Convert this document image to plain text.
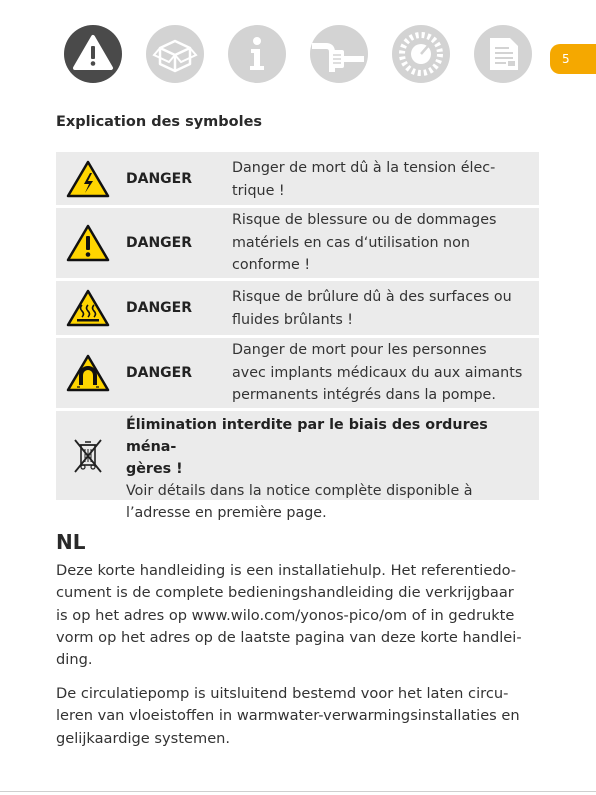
5
Explication des symboles
DANGER
Danger de mort dû à la tension élec-
trique !
DANGER
Risque de blessure ou de dommages
matériels en cas d‘utilisation non
conforme !
DANGER
Risque de brûlure dû à des surfaces ou
fluides brûlants !
DANGER
Danger de mort pour les personnes
avec implants médicaux du aux aimants
permanents intégrés dans la pompe.
Élimination interdite par le biais des ordures ména-
gères !
Voir détails dans la notice complète disponible à
l’adresse en première page.
NL
Deze korte handleiding is een installatiehulp. Het referentiedo-
cument is de complete bedieningshandleiding die verkrijgbaar
is op het adres op www.wilo.com/yonos-pico/om of in gedrukte
vorm op het adres op de laatste pagina van deze korte handlei-
ding.
De circulatiepomp is uitsluitend bestemd voor het laten circu-
leren van vloeistoffen in warmwater-verwarmingsinstallaties en
gelijkaardige systemen.
